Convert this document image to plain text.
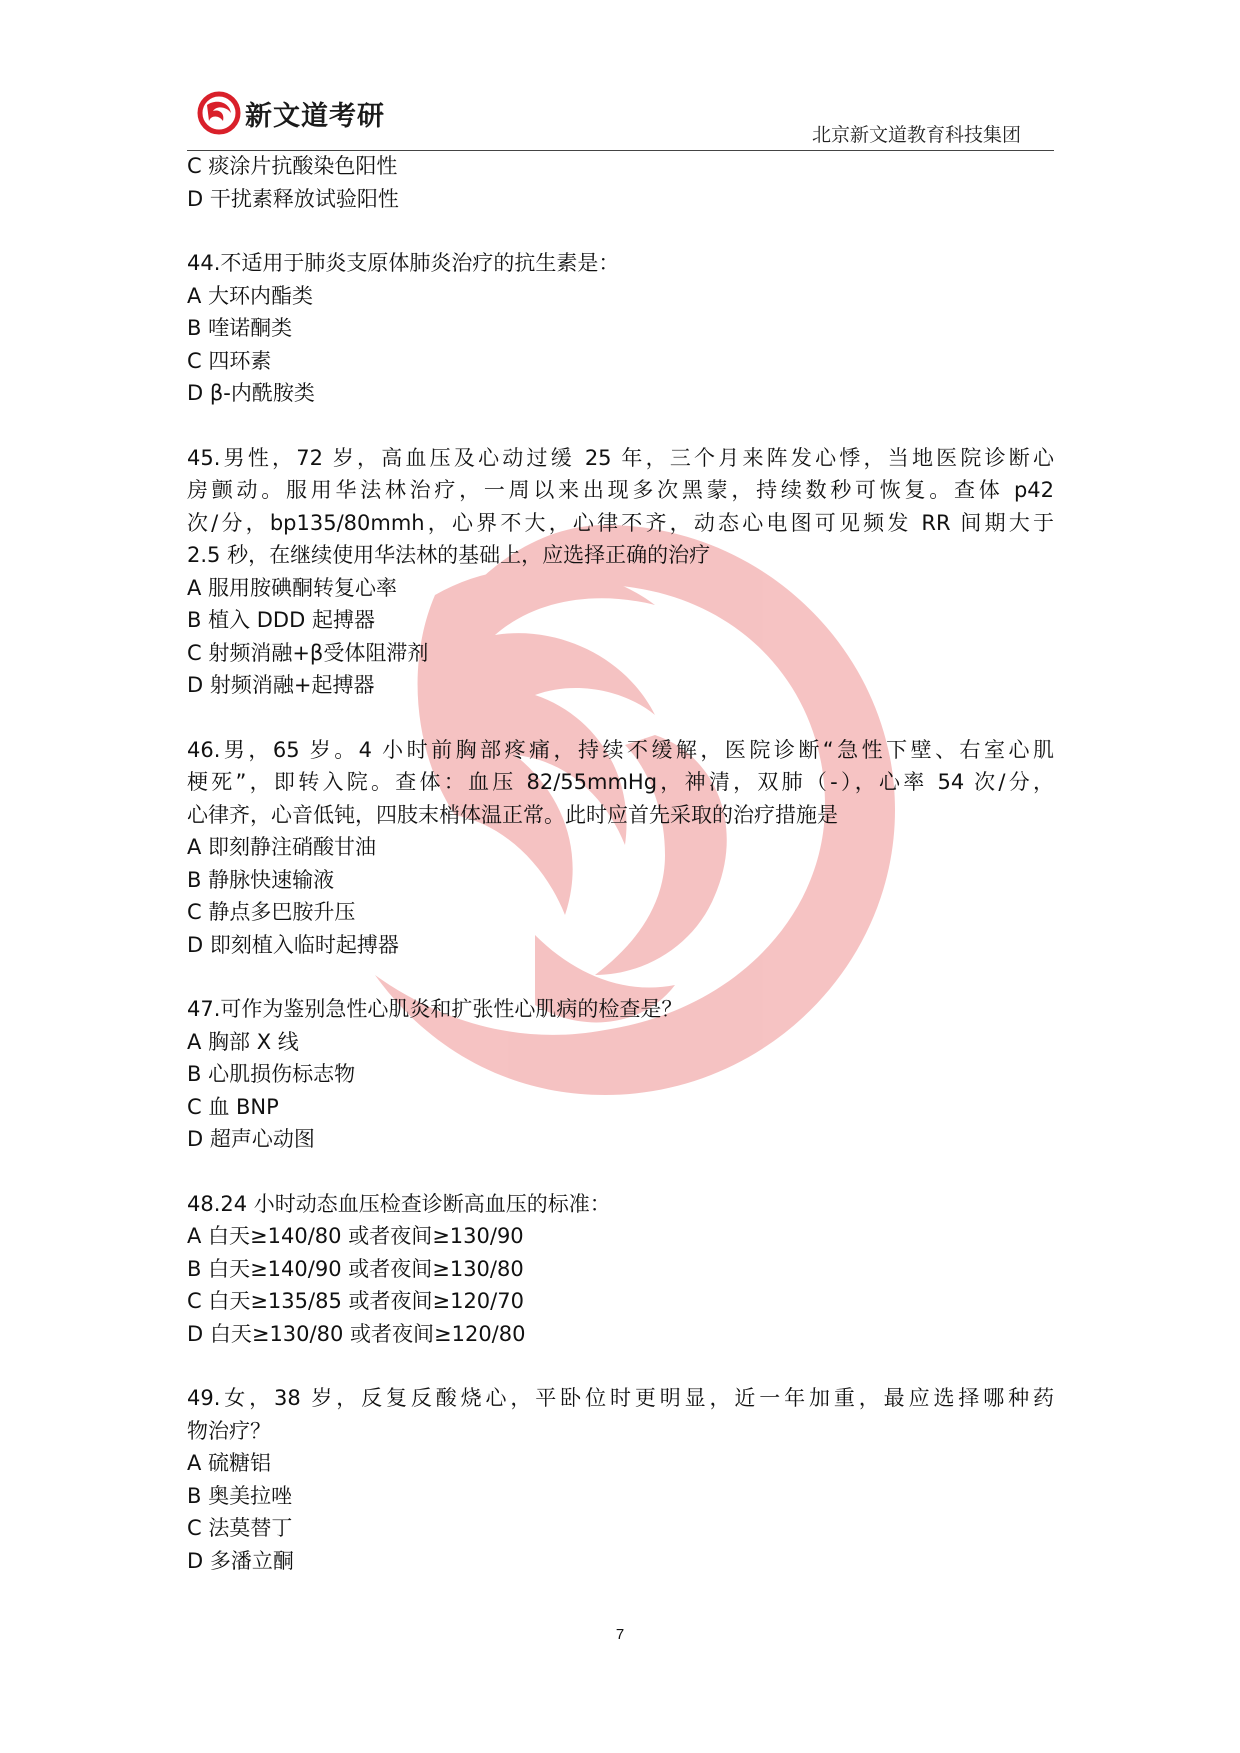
新文道考研
北京新文道教育科技集团
C 痰涂片抗酸染色阳性
D 干扰素释放试验阳性
44.不适用于肺炎支原体肺炎治疗的抗生素是：
A 大环内酯类
B 喹诺酮类
C 四环素
D β-内酰胺类
45.男性，72 岁，高血压及心动过缓 25 年，三个月来阵发心悸，当地医院诊断心
房颤动。服用华法林治疗，一周以来出现多次黑蒙，持续数秒可恢复。查体 p42
次/分，bp135/80mmh，心界不大，心律不齐，动态心电图可见频发 RR 间期大于
2.5 秒，在继续使用华法林的基础上，应选择正确的治疗
A 服用胺碘酮转复心率
B 植入 DDD 起搏器
C 射频消融+β受体阻滞剂
D 射频消融+起搏器
46.男，65 岁。4 小时前胸部疼痛，持续不缓解，医院诊断“急性下壁、右室心肌
梗死”，即转入院。查体：血压 82/55mmHg，神清，双肺（-），心率 54 次/分，
心律齐，心音低钝，四肢末梢体温正常。此时应首先采取的治疗措施是
A 即刻静注硝酸甘油
B 静脉快速输液
C 静点多巴胺升压
D 即刻植入临时起搏器
47.可作为鉴别急性心肌炎和扩张性心肌病的检查是？
A 胸部 X 线
B 心肌损伤标志物
C 血 BNP
D 超声心动图
48.24 小时动态血压检查诊断高血压的标准：
A 白天≥140/80 或者夜间≥130/90
B 白天≥140/90 或者夜间≥130/80
C 白天≥135/85 或者夜间≥120/70
D 白天≥130/80 或者夜间≥120/80
49.女，38 岁，反复反酸烧心，平卧位时更明显，近一年加重，最应选择哪种药
物治疗？
A 硫糖铝
B 奥美拉唑
C 法莫替丁
D 多潘立酮
7
